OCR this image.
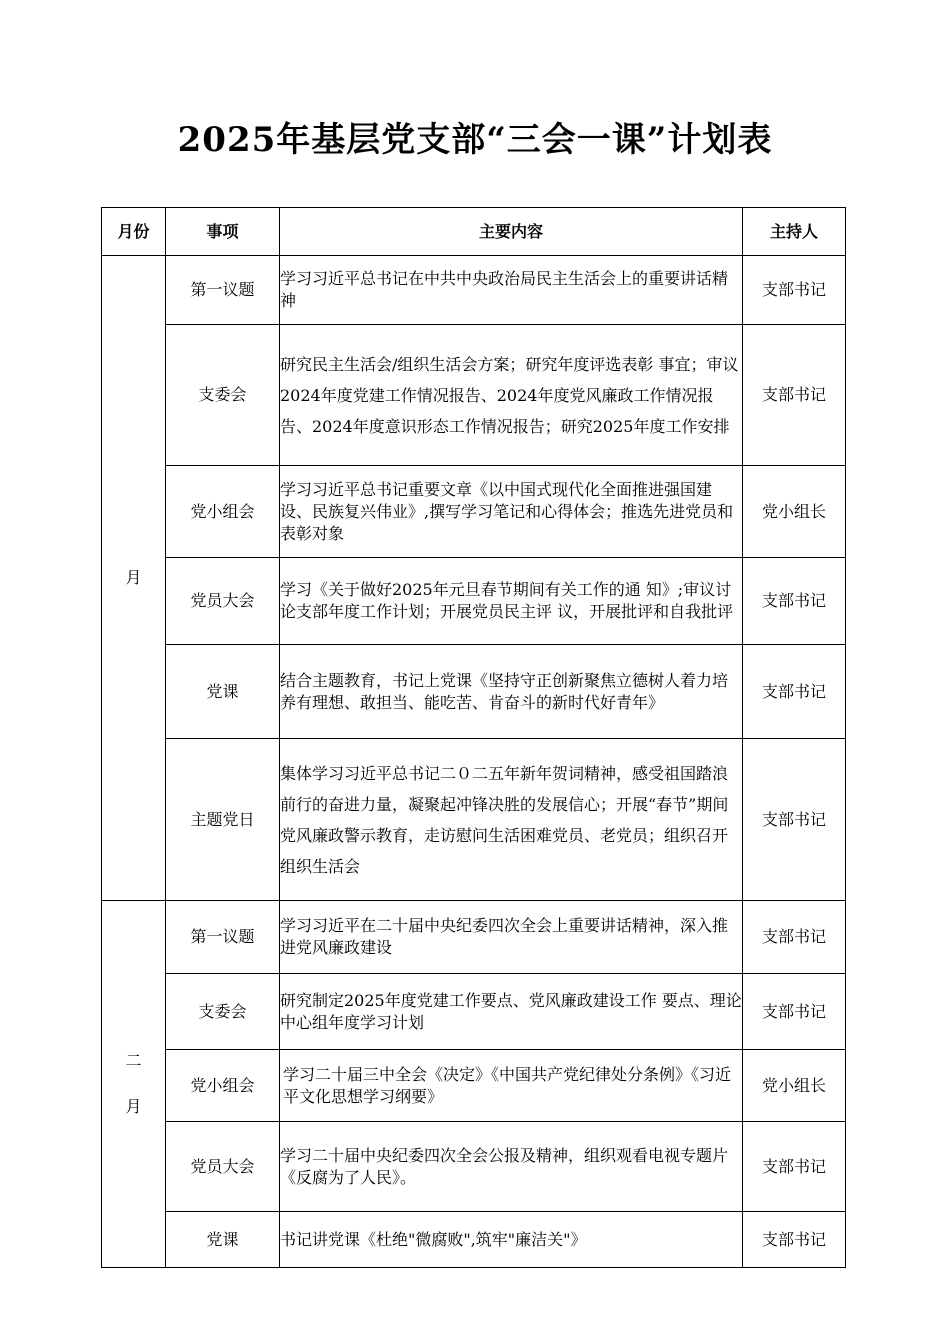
2025年基层党支部“三会一课”计划表
月份	事项	主要内容	主持人
月	第一议题	学习习近平总书记在中共中央政治局民主生活会上的重要讲话精神	支部书记
	支委会	研究民主生活会/组织生活会方案；研究年度评选表彰 事宜；审议2024年度党建工作情况报告、2024年度党风廉政工作情况报告、2024年度意识形态工作情况报告；研究2025年度工作安排	支部书记
	党小组会	学习习近平总书记重要文章《以中国式现代化全面推进强国建设、民族复兴伟业》,撰写学习笔记和心得体会；推选先进党员和表彰对象	党小组长
	党员大会	学习《关于做好2025年元旦春节期间有关工作的通 知》;审议讨论支部年度工作计划；开展党员民主评 议，开展批评和自我批评	支部书记
	党课	结合主题教育，书记上党课《坚持守正创新聚焦立德树人着力培养有理想、敢担当、能吃苦、肯奋斗的新时代好青年》	支部书记
	主题党日	集体学习习近平总书记二０二五年新年贺词精神，感受祖国踏浪前行的奋进力量，凝聚起冲锋决胜的发展信心；开展“春节”期间党风廉政警示教育，走访慰问生活困难党员、老党员；组织召开组织生活会	支部书记
二月	第一议题	学习习近平在二十届中央纪委四次全会上重要讲话精神，深入推进党风廉政建设	支部书记
	支委会	研究制定2025年度党建工作要点、党风廉政建设工作 要点、理论中心组年度学习计划	支部书记
	党小组会	学习二十届三中全会《决定》《中国共产党纪律处分条例》《习近平文化思想学习纲要》	党小组长
	党员大会	学习二十届中央纪委四次全会公报及精神，组织观看电视专题片《反腐为了人民》。	支部书记
	党课	书记讲党课《杜绝"微腐败",筑牢"廉洁关"》	支部书记
